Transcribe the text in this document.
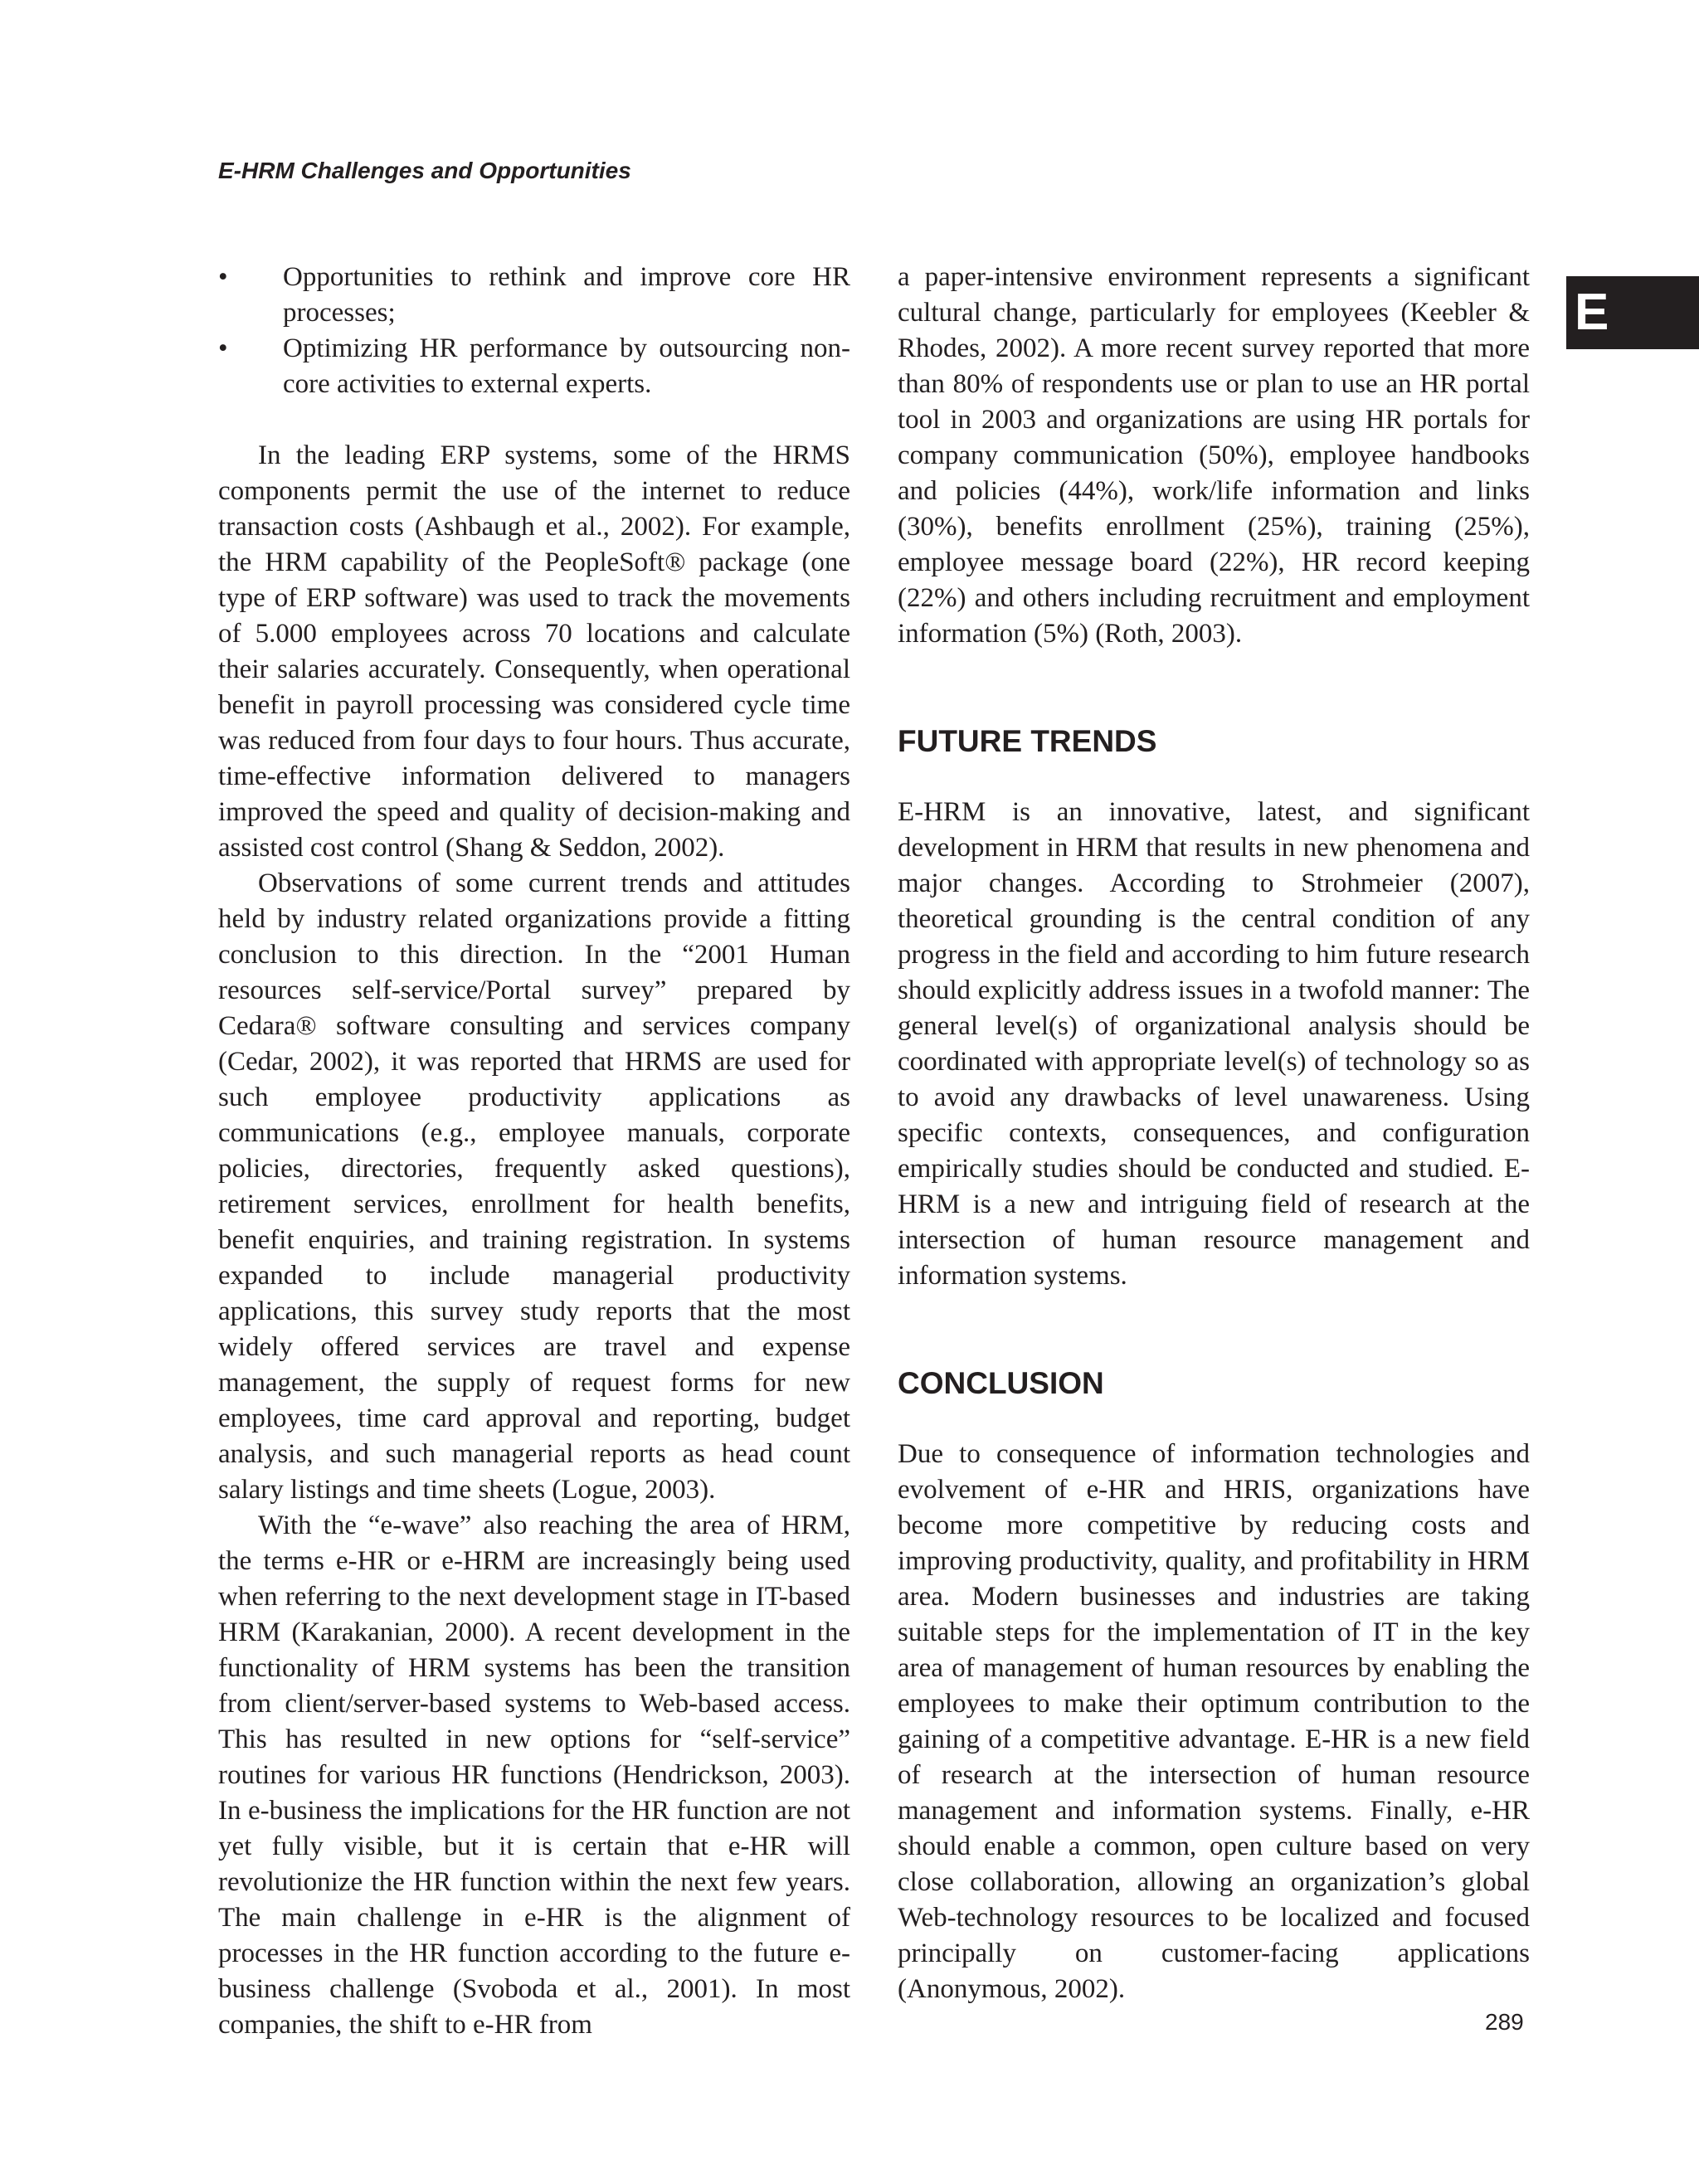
E-HRM Challenges and Opportunities
E
• Opportunities to rethink and improve core HR processes;
• Optimizing HR performance by outsourcing non-core activities to external experts.

In the leading ERP systems, some of the HRMS components permit the use of the internet to reduce transaction costs (Ashbaugh et al., 2002). For example, the HRM capability of the PeopleSoft® package (one type of ERP software) was used to track the movements of 5.000 employees across 70 locations and calculate their salaries accurately. Consequently, when operational benefit in payroll processing was considered cycle time was reduced from four days to four hours. Thus accurate, time-effective information delivered to managers improved the speed and quality of decision-making and assisted cost control (Shang & Seddon, 2002).

Observations of some current trends and attitudes held by industry related organizations provide a fitting conclusion to this direction. In the “2001 Human resources self-service/Portal survey” prepared by Cedara® software consulting and services company (Cedar, 2002), it was reported that HRMS are used for such employee productivity applications as communications (e.g., employee manuals, corporate policies, directories, frequently asked questions), retirement services, enrollment for health benefits, benefit enquiries, and training registration. In systems expanded to include managerial productivity applications, this survey study reports that the most widely offered services are travel and expense management, the supply of request forms for new employees, time card approval and reporting, budget analysis, and such managerial reports as head count salary listings and time sheets (Logue, 2003).

With the “e-wave” also reaching the area of HRM, the terms e-HR or e-HRM are increasingly being used when referring to the next development stage in IT-based HRM (Karakanian, 2000). A recent development in the functionality of HRM systems has been the transition from client/server-based systems to Web-based access. This has resulted in new options for “self-service” routines for various HR functions (Hendrickson, 2003). In e-business the implications for the HR function are not yet fully visible, but it is certain that e-HR will revolutionize the HR function within the next few years. The main challenge in e-HR is the alignment of processes in the HR function according to the future e-business challenge (Svoboda et al., 2001). In most companies, the shift to e-HR from

a paper-intensive environment represents a significant cultural change, particularly for employees (Keebler & Rhodes, 2002). A more recent survey reported that more than 80% of respondents use or plan to use an HR portal tool in 2003 and organizations are using HR portals for company communication (50%), employee handbooks and policies (44%), work/life information and links (30%), benefits enrollment (25%), training (25%), employee message board (22%), HR record keeping (22%) and others including recruitment and employment information (5%) (Roth, 2003).

FUTURE TRENDS

E-HRM is an innovative, latest, and significant development in HRM that results in new phenomena and major changes. According to Strohmeier (2007), theoretical grounding is the central condition of any progress in the field and according to him future research should explicitly address issues in a twofold manner: The general level(s) of organizational analysis should be coordinated with appropriate level(s) of technology so as to avoid any drawbacks of level unawareness. Using specific contexts, consequences, and configuration empirically studies should be conducted and studied. E-HRM is a new and intriguing field of research at the intersection of human resource management and information systems.

CONCLUSION

Due to consequence of information technologies and evolvement of e-HR and HRIS, organizations have become more competitive by reducing costs and improving productivity, quality, and profitability in HRM area. Modern businesses and industries are taking suitable steps for the implementation of IT in the key area of management of human resources by enabling the employees to make their optimum contribution to the gaining of a competitive advantage. E-HR is a new field of research at the intersection of human resource management and information systems. Finally, e-HR should enable a common, open culture based on very close collaboration, allowing an organization’s global Web-technology resources to be localized and focused principally on customer-facing applications (Anonymous, 2002).

289
